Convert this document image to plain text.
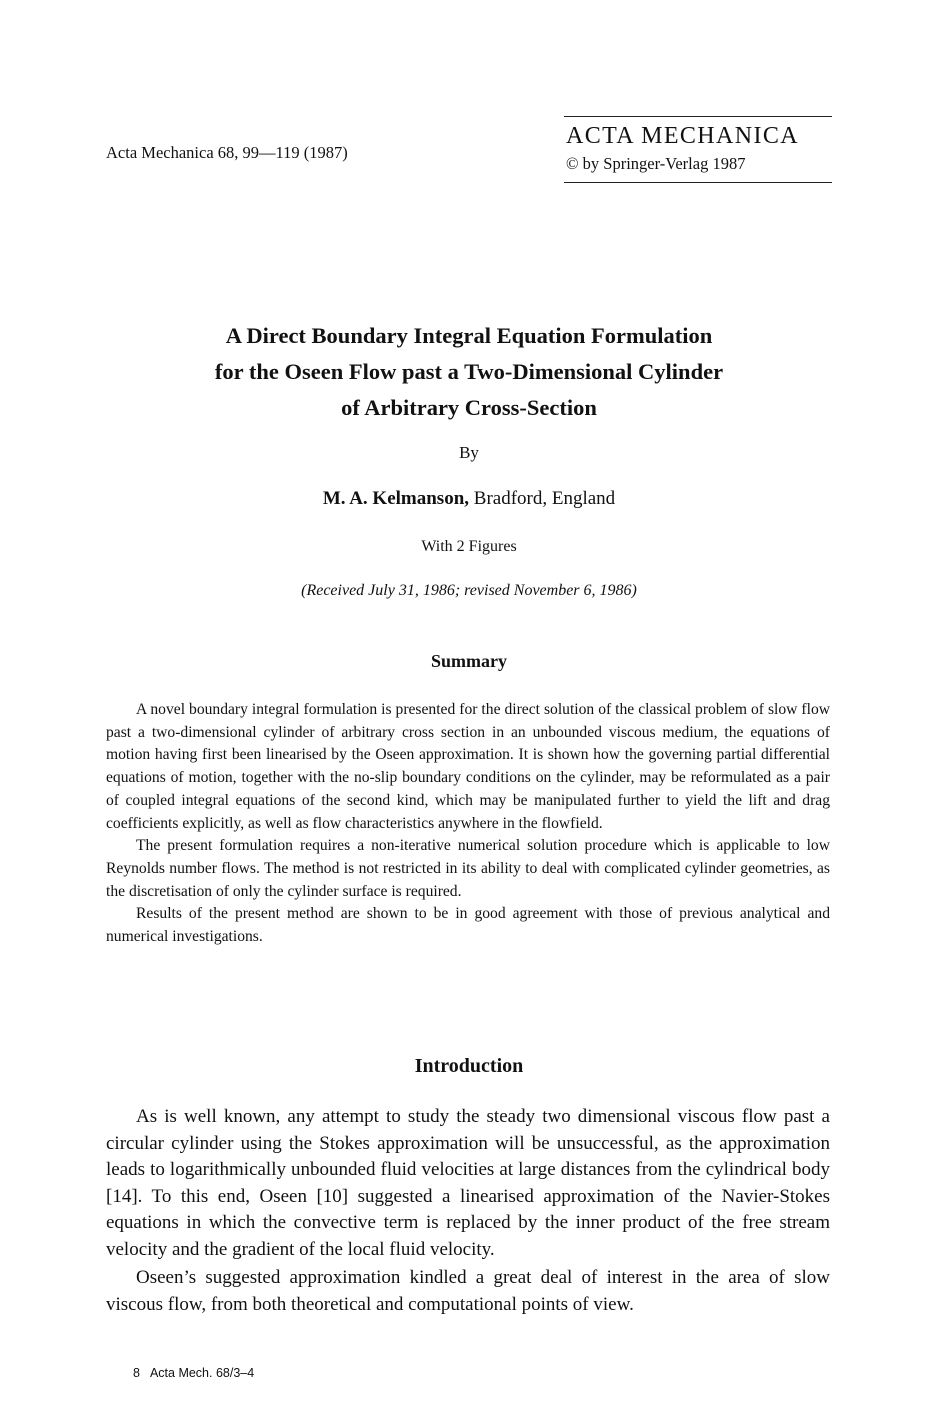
Acta Mechanica 68, 99—119 (1987)
ACTA MECHANICA
© by Springer-Verlag 1987
A Direct Boundary Integral Equation Formulation
for the Oseen Flow past a Two-Dimensional Cylinder
of Arbitrary Cross-Section
By
M. A. Kelmanson, Bradford, England
With 2 Figures
(Received July 31, 1986; revised November 6, 1986)
Summary

A novel boundary integral formulation is presented for the direct solution of the classical problem of slow flow past a two-dimensional cylinder of arbitrary cross section in an unbounded viscous medium, the equations of motion having first been linearised by the Oseen approximation. It is shown how the governing partial differential equations of motion, together with the no-slip boundary conditions on the cylinder, may be reformulated as a pair of coupled integral equations of the second kind, which may be manipulated further to yield the lift and drag coefficients explicitly, as well as flow characteristics anywhere in the flowfield.

The present formulation requires a non-iterative numerical solution procedure which is applicable to low Reynolds number flows. The method is not restricted in its ability to deal with complicated cylinder geometries, as the discretisation of only the cylinder surface is required.

Results of the present method are shown to be in good agreement with those of previous analytical and numerical investigations.

Introduction

As is well known, any attempt to study the steady two dimensional viscous flow past a circular cylinder using the Stokes approximation will be unsuccessful, as the approximation leads to logarithmically unbounded fluid velocities at large distances from the cylindrical body [14]. To this end, Oseen [10] suggested a linearised approximation of the Navier-Stokes equations in which the convective term is replaced by the inner product of the free stream velocity and the gradient of the local fluid velocity.

Oseen’s suggested approximation kindled a great deal of interest in the area of slow viscous flow, from both theoretical and computational points of view.

8 Acta Mech. 68/3–4
